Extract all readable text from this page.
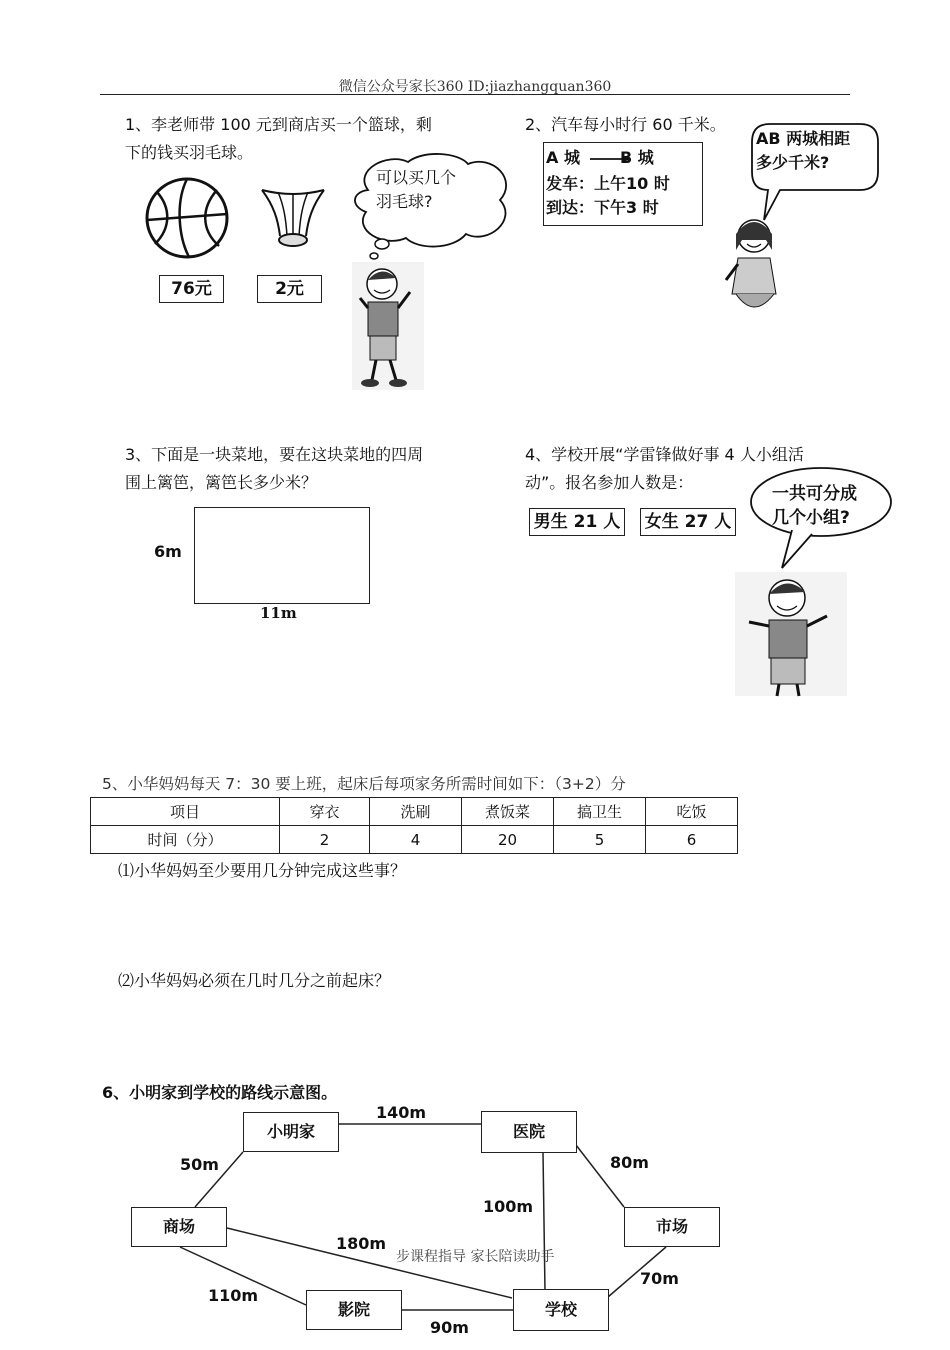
微信公众号家长360 ID:jiazhangquan360
1、李老师带 100 元到商店买一个篮球，剩
下的钱买羽毛球。
76元	2元
可以买几个
羽毛球?
2、汽车每小时行 60 千米。
A 城	B 城
发车：上午10 时
到达：下午3 时
AB 两城相距
多少千米?
3、下面是一块菜地，要在这块菜地的四周
围上篱笆，篱笆长多少米？
6m
11m
4、学校开展“学雷锋做好事 4 人小组活
动”。报名参加人数是：
男生 21 人 女生 27 人
一共可分成
几个小组?
5、小华妈妈每天 7：30 要上班，起床后每项家务所需时间如下：（3+2）分
项目	穿衣	洗刷	煮饭菜	搞卫生	吃饭
时间（分）	2	4	20	5	6
⑴小华妈妈至少要用几分钟完成这些事？
⑵小华妈妈必须在几时几分之前起床？
6、小明家到学校的路线示意图。
小明家	医院
商场	市场
影院	学校
140m
50m	80m
100m
180m
70m
110m
90m
步课程指导 家长陪读助手
